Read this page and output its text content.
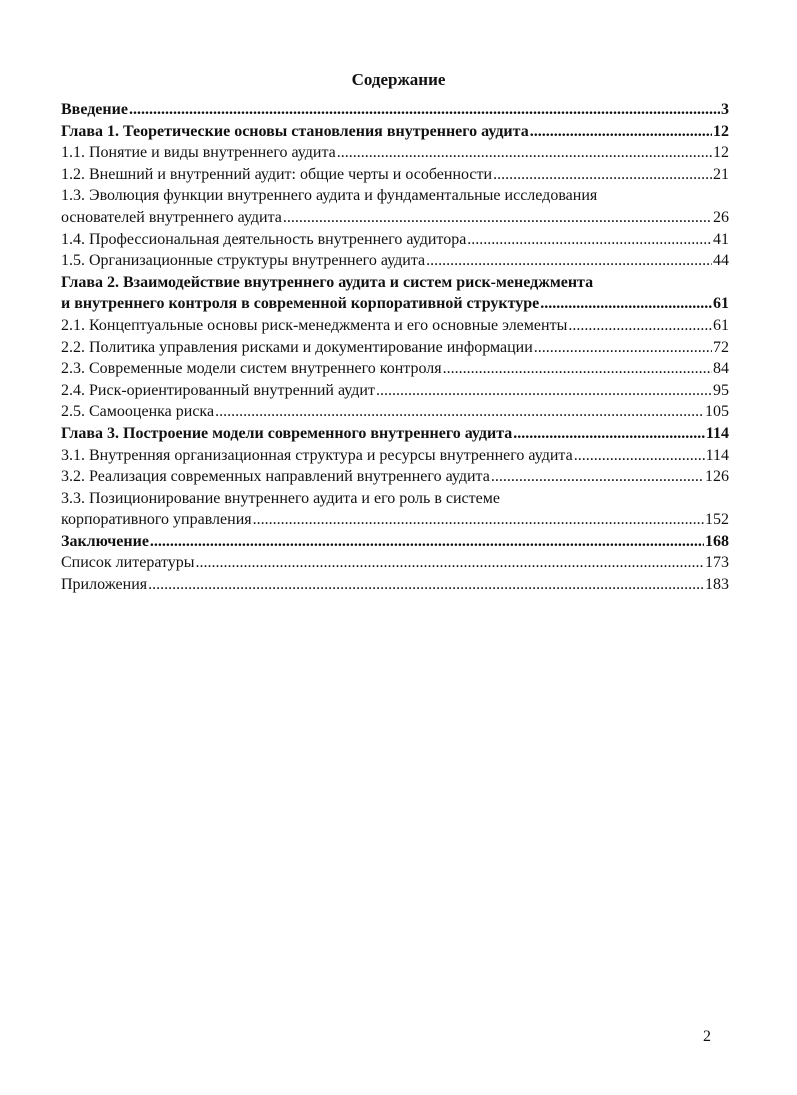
Содержание
Введение .....	3
Глава 1. Теоретические основы становления внутреннего аудита .....	12
1.1. Понятие и виды внутреннего аудита .....	12
1.2. Внешний и внутренний аудит: общие черты и особенности .....	21
1.3. Эволюция функции внутреннего аудита и фундаментальные исследования
основателей внутреннего аудита .....	26
1.4. Профессиональная деятельность внутреннего аудитора .....	41
1.5. Организационные структуры внутреннего аудита .....	44
Глава 2. Взаимодействие внутреннего аудита и систем риск-менеджмента
и внутреннего контроля в современной корпоративной структуре .....	61
2.1. Концептуальные основы риск-менеджмента и его основные элементы .....	61
2.2. Политика управления рисками и документирование информации .....	72
2.3. Современные модели систем внутреннего контроля .....	84
2.4. Риск-ориентированный внутренний аудит .....	95
2.5. Самооценка риска .....	105
Глава 3. Построение модели современного внутреннего аудита .....	114
3.1. Внутренняя организационная структура и ресурсы внутреннего аудита .....	114
3.2. Реализация современных направлений внутреннего аудита .....	126
3.3. Позиционирование внутреннего аудита и его роль в системе
корпоративного управления .....	152
Заключение .....	168
Список литературы .....	173
Приложения .....	183
2
